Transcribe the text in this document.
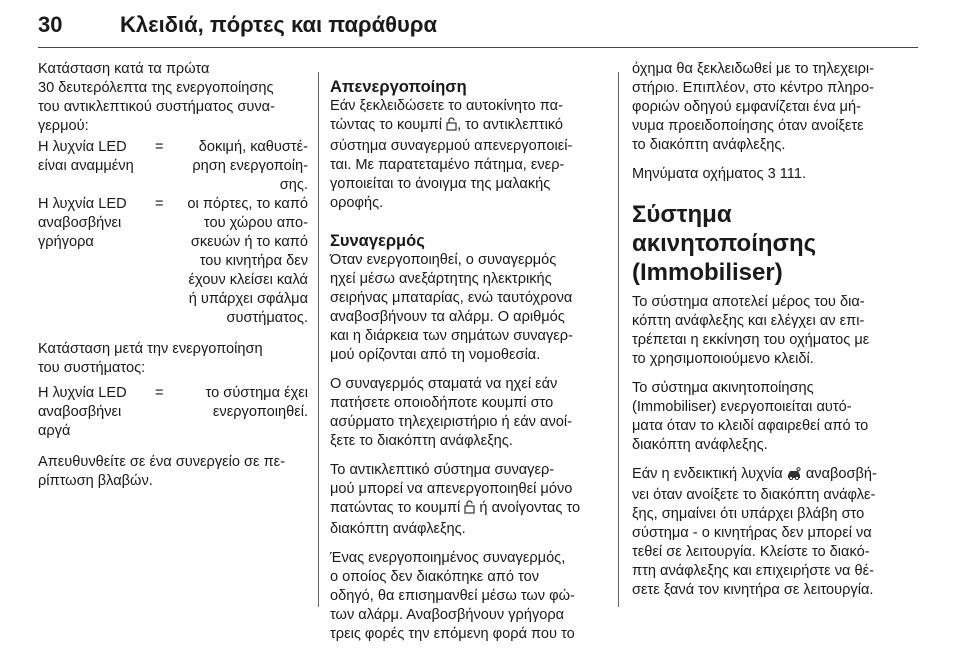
30	Κλειδιά, πόρτες και παράθυρα

Κατάσταση κατά τα πρώτα
30 δευτερόλεπτα της ενεργοποίησης
του αντικλεπτικού συστήματος συνα-
γερμού:

Η λυχνία LED
είναι αναμμένη
=	δοκιμή, καθυστέ-
ρηση ενεργοποίη-
σης.
Η λυχνία LED
αναβοσβήνει
γρήγορα
=	οι πόρτες, το καπό
του χώρου απο-
σκευών ή το καπό
του κινητήρα δεν
έχουν κλείσει καλά
ή υπάρχει σφάλμα
συστήματος.

Κατάσταση μετά την ενεργοποίηση
του συστήματος:

Η λυχνία LED
αναβοσβήνει
αργά
=	το σύστημα έχει
ενεργοποιηθεί.

Απευθυνθείτε σε ένα συνεργείο σε πε-
ρίπτωση βλαβών.

Απενεργοποίηση

Εάν ξεκλειδώσετε το αυτοκίνητο πα-
τώντας το κουμπί , το αντικλεπτικό
σύστημα συναγερμού απενεργοποιεί-
ται. Με παρατεταμένο πάτημα, ενερ-
γοποιείται το άνοιγμα της μαλακής
οροφής.

Συναγερμός

Όταν ενεργοποιηθεί, ο συναγερμός
ηχεί μέσω ανεξάρτητης ηλεκτρικής
σειρήνας μπαταρίας, ενώ ταυτόχρονα
αναβοσβήνουν τα αλάρμ. Ο αριθμός
και η διάρκεια των σημάτων συναγερ-
μού ορίζονται από τη νομοθεσία.

Ο συναγερμός σταματά να ηχεί εάν
πατήσετε οποιοδήποτε κουμπί στο
ασύρματο τηλεχειριστήριο ή εάν ανοί-
ξετε το διακόπτη ανάφλεξης.

Το αντικλεπτικό σύστημα συναγερ-
μού μπορεί να απενεργοποιηθεί μόνο
πατώντας το κουμπί ή ανοίγοντας το
διακόπτη ανάφλεξης.

Ένας ενεργοποιημένος συναγερμός,
ο οποίος δεν διακόπηκε από τον
οδηγό, θα επισημανθεί μέσω των φώ-
των αλάρμ. Αναβοσβήνουν γρήγορα
τρεις φορές την επόμενη φορά που το

όχημα θα ξεκλειδωθεί με το τηλεχειρι-
στήριο. Επιπλέον, στο κέντρο πληρο-
φοριών οδηγού εμφανίζεται ένα μή-
νυμα προειδοποίησης όταν ανοίξετε
το διακόπτη ανάφλεξης.

Μηνύματα οχήματος 3 111.

Σύστημα ακινητοποίησης
(Immobiliser)

Το σύστημα αποτελεί μέρος του δια-
κόπτη ανάφλεξης και ελέγχει αν επι-
τρέπεται η εκκίνηση του οχήματος με
το χρησιμοποιούμενο κλειδί.

Το σύστημα ακινητοποίησης
(Immobiliser) ενεργοποιείται αυτό-
ματα όταν το κλειδί αφαιρεθεί από το
διακόπτη ανάφλεξης.

Εάν η ενδεικτική λυχνία αναβοσβή-
νει όταν ανοίξετε το διακόπτη ανάφλε-
ξης, σημαίνει ότι υπάρχει βλάβη στο
σύστημα - ο κινητήρας δεν μπορεί να
τεθεί σε λειτουργία. Κλείστε το διακό-
πτη ανάφλεξης και επιχειρήστε να θέ-
σετε ξανά τον κινητήρα σε λειτουργία.
